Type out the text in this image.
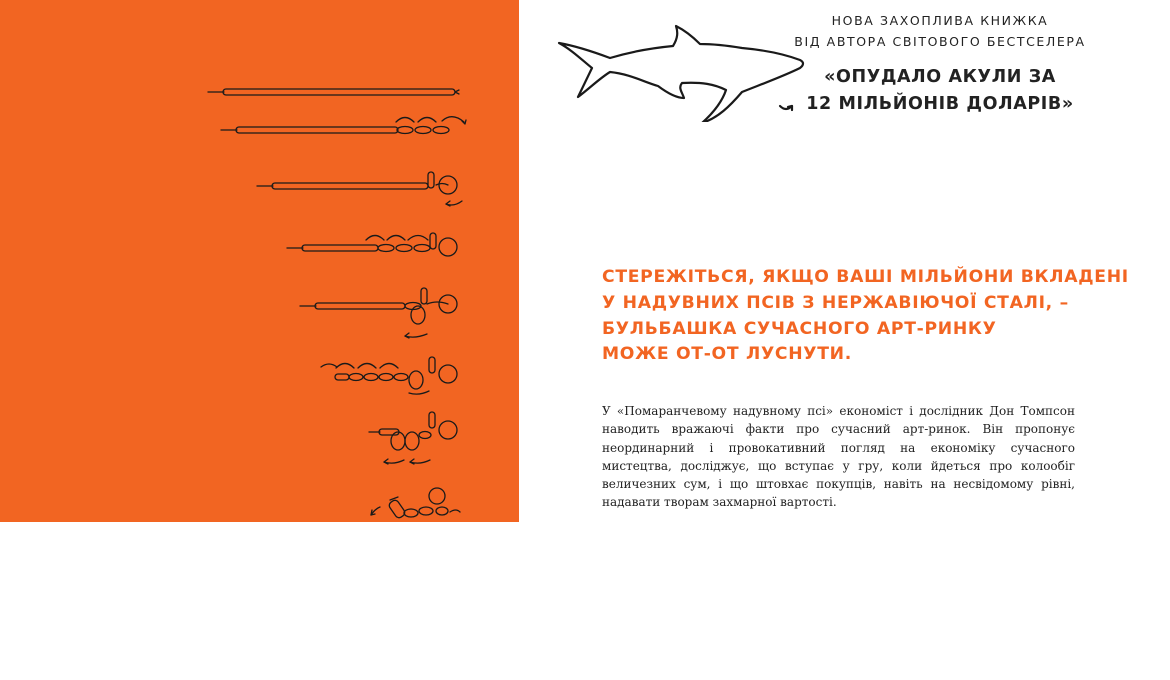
НОВА ЗАХОПЛИВА КНИЖКА
ВІД АВТОРА СВІТОВОГО БЕСТСЕЛЕРА
«ОПУДАЛО АКУЛИ ЗА
12 МІЛЬЙОНІВ ДОЛАРІВ»
СТЕРЕЖІТЬСЯ, ЯКЩО ВАШІ МІЛЬЙОНИ ВКЛАДЕНІ
У НАДУВНИХ ПСІВ З НЕРЖАВІЮЧОЇ СТАЛІ, –
БУЛЬБАШКА СУЧАСНОГО АРТ-РИНКУ
МОЖЕ ОТ-ОТ ЛУСНУТИ.

У «Помаранчевому надувному псі» економіст і дослідник Дон Томпсон наводить вражаючі факти про сучасний арт-ринок. Він пропонує неординарний і провокативний погляд на економіку сучасного мистецтва, досліджує, що вступає у гру, коли йдеться про колообіг величезних сум, і що штовхає покупців, навіть на несвідомому рівні, надавати творам захмарної вартості.
